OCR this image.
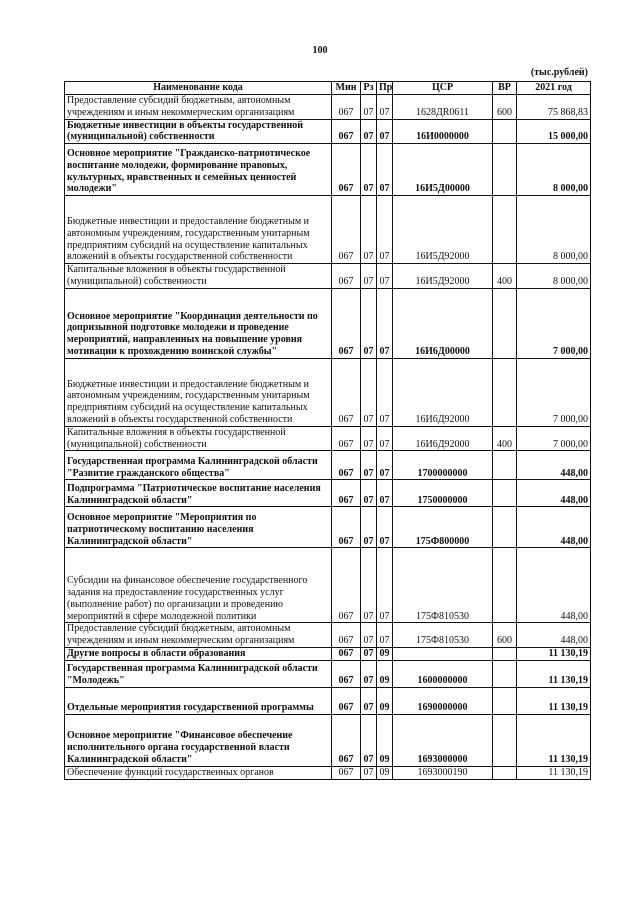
100
(тыс.рублей)
Наименование кода	Мин	Рз	Пр	ЦСР	ВР	2021 год
Предоставление субсидий бюджетным, автономным учреждениям и иным некоммерческим организациям	067	07	07	1628ДR0611	600	75 868,83
Бюджетные инвестиции в объекты государственной (муниципальной) собственности	067	07	07	16И0000000		15 000,00
Основное мероприятие "Гражданско-патриотическое воспитание молодежи, формирование правовых, культурных, нравственных и семейных ценностей молодежи"	067	07	07	16И5Д00000		8 000,00
Бюджетные инвестиции и предоставление бюджетным и автономным учреждениям, государственным унитарным предприятиям субсидий на осуществление капитальных вложений в объекты государственной собственности	067	07	07	16И5Д92000		8 000,00
Капитальные вложения в объекты государственной (муниципальной) собственности	067	07	07	16И5Д92000	400	8 000,00
Основное мероприятие "Координация деятельности по допризывной подготовке молодежи и проведение мероприятий, направленных на повышение уровня мотивации к прохождению воинской службы"	067	07	07	16И6Д00000		7 000,00
Бюджетные инвестиции и предоставление бюджетным и автономным учреждениям, государственным унитарным предприятиям субсидий на осуществление капитальных вложений в объекты государственной собственности	067	07	07	16И6Д92000		7 000,00
Капитальные вложения в объекты государственной (муниципальной) собственности	067	07	07	16И6Д92000	400	7 000,00
Государственная программа Калининградской области "Развитие гражданского общества"	067	07	07	1700000000		448,00
Подпрограмма "Патриотическое воспитание населения Калининградской области"	067	07	07	1750000000		448,00
Основное мероприятие "Мероприятия по патриотическому воспитанию населения Калининградской области"	067	07	07	175Ф800000		448,00
Субсидии на финансовое обеспечение государственного задания на предоставление государственных услуг (выполнение работ) по организации и проведению мероприятий в сфере молодежной политики	067	07	07	175Ф810530		448,00
Предоставление субсидий бюджетным, автономным учреждениям и иным некоммерческим организациям	067	07	07	175Ф810530	600	448,00
Другие вопросы в области образования	067	07	09			11 130,19
Государственная программа Калининградской области "Молодежь"	067	07	09	1600000000		11 130,19
Отдельные мероприятия государственной программы	067	07	09	1690000000		11 130,19
Основное мероприятие "Финансовое обеспечение исполнительного органа государственной власти Калининградской области"	067	07	09	1693000000		11 130,19
Обеспечение функций государственных органов	067	07	09	1693000190		11 130,19
